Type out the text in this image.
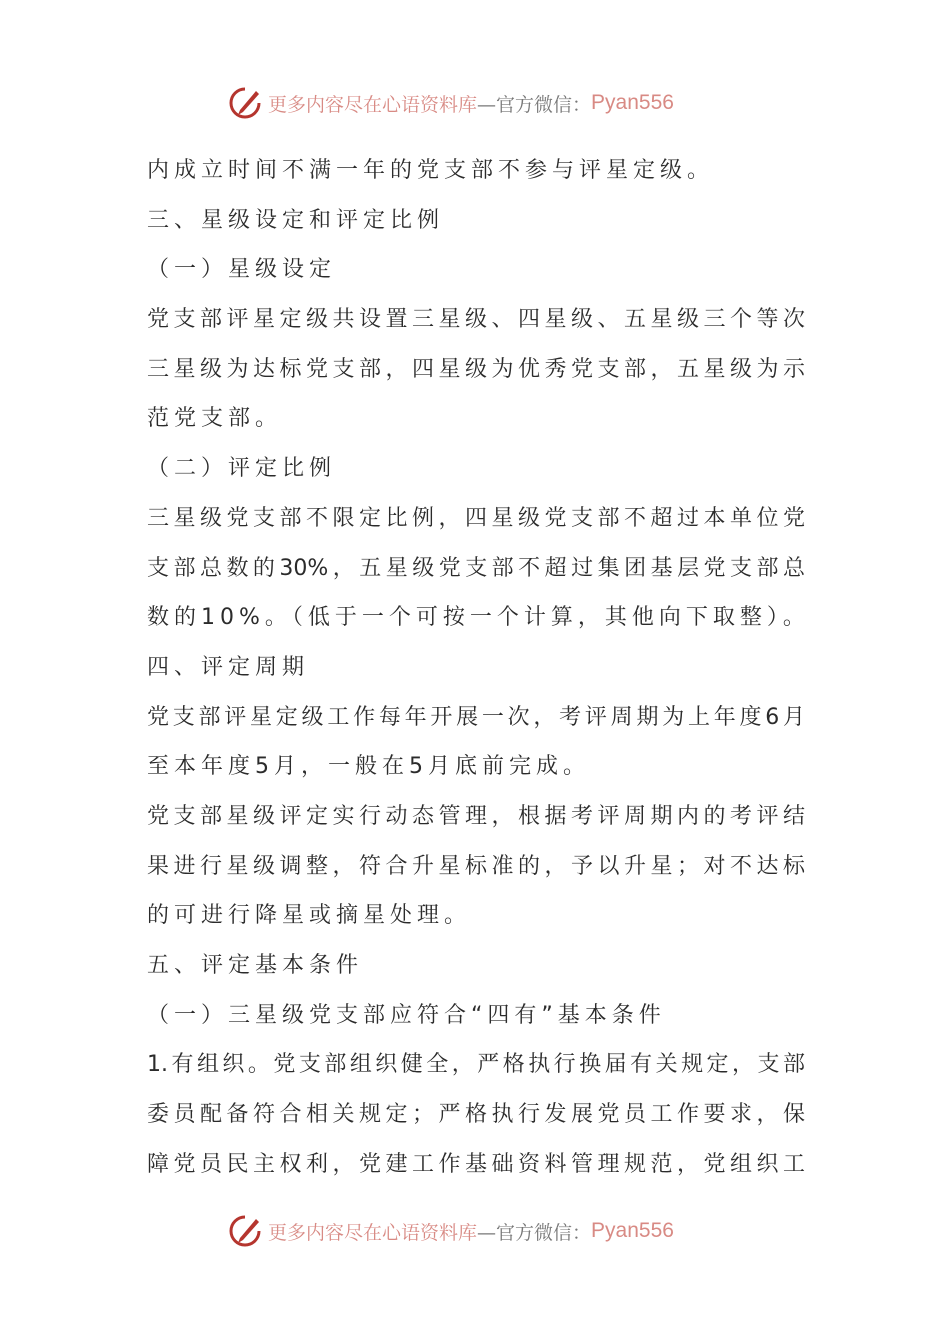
更多内容尽在心语资料库 —官方微信： Pyan556
内成立时间不满一年的党支部不参与评星定级。
三、星级设定和评定比例
（一）星级设定
党支部评星定级共设置三星级、四星级、五星级三个等次
三星级为达标党支部，四星级为优秀党支部，五星级为示
范党支部。
（二）评定比例
三星级党支部不限定比例，四星级党支部不超过本单位党
支部总数的30%，五星级党支部不超过集团基层党支部总
数的10%。（低于一个可按一个计算，其他向下取整）。
四、评定周期
党支部评星定级工作每年开展一次，考评周期为上年度6月
至本年度5月，一般在5月底前完成。
党支部星级评定实行动态管理，根据考评周期内的考评结
果进行星级调整，符合升星标准的，予以升星；对不达标
的可进行降星或摘星处理。
五、评定基本条件
（一）三星级党支部应符合“四有”基本条件
1.有组织。党支部组织健全，严格执行换届有关规定，支部
委员配备符合相关规定；严格执行发展党员工作要求，保
障党员民主权利，党建工作基础资料管理规范，党组织工
更多内容尽在心语资料库 —官方微信： Pyan556
